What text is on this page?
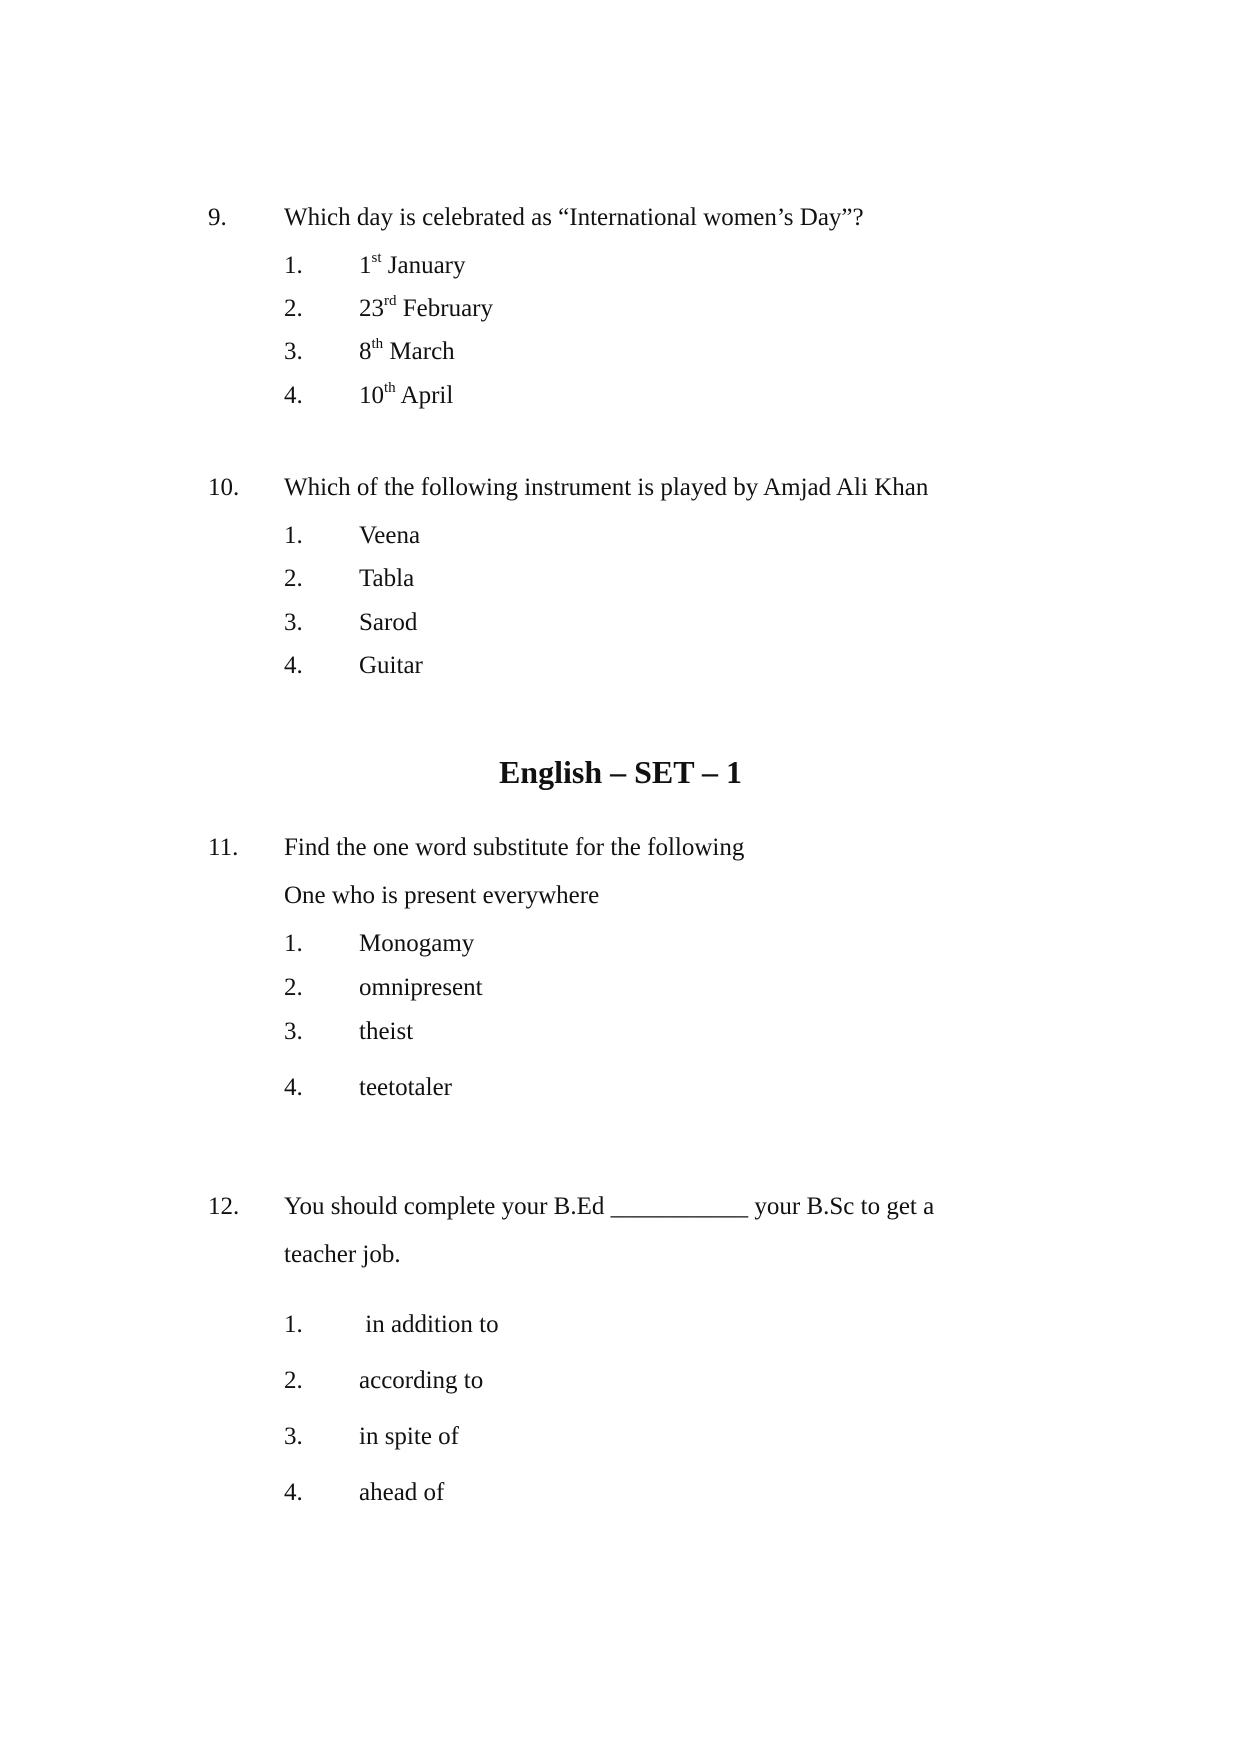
9. Which day is celebrated as “International women’s Day”?
1. 1st January
2. 23rd February
3. 8th March
4. 10th April
10. Which of the following instrument is played by Amjad Ali Khan
1. Veena
2. Tabla
3. Sarod
4. Guitar
English – SET – 1
11. Find the one word substitute for the following
One who is present everywhere
1. Monogamy
2. omnipresent
3. theist
4. teetotaler
12. You should complete your B.Ed ___________ your B.Sc to get a
teacher job.
1. in addition to
2. according to
3. in spite of
4. ahead of
